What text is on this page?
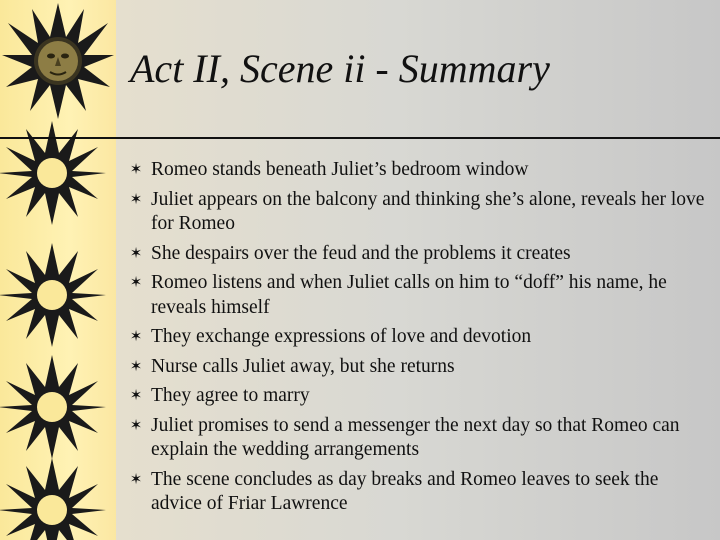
Act II, Scene ii - Summary
✶ Romeo stands beneath Juliet’s bedroom window
✶ Juliet appears on the balcony and thinking she’s alone, reveals her love for Romeo
✶ She despairs over the feud and the problems it creates
✶ Romeo listens and when Juliet calls on him to “doff” his name, he reveals himself
✶ They exchange expressions of love and devotion
✶ Nurse calls Juliet away, but she returns
✶ They agree to marry
✶ Juliet promises to send a messenger the next day so that Romeo can explain the wedding arrangements
✶ The scene concludes as day breaks and Romeo leaves to seek the advice of Friar Lawrence
